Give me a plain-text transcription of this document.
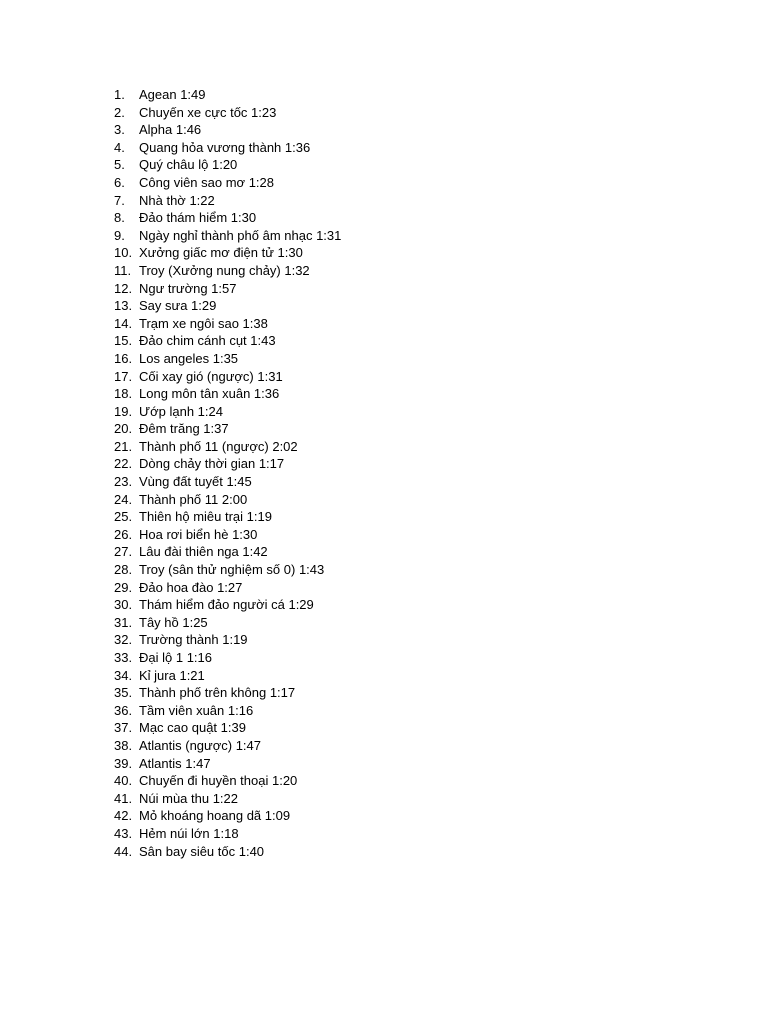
1.	Agean 1:49
2.	Chuyến xe cực tốc 1:23
3.	Alpha 1:46
4.	Quang hỏa vương thành 1:36
5.	Quý châu lộ 1:20
6.	Công viên sao mơ 1:28
7.	Nhà thờ 1:22
8.	Đảo thám hiểm 1:30
9.	Ngày nghỉ thành phố âm nhạc 1:31
10. Xưởng giấc mơ điện tử 1:30
11. Troy (Xưởng nung chảy) 1:32
12. Ngư trường 1:57
13. Say sưa 1:29
14. Trạm xe ngôi sao 1:38
15. Đảo chim cánh cụt 1:43
16. Los angeles 1:35
17. Cối xay gió (ngược) 1:31
18. Long môn tân xuân 1:36
19. Ướp lạnh 1:24
20. Đêm trăng 1:37
21. Thành phố 11 (ngược) 2:02
22. Dòng chảy thời gian 1:17
23. Vùng đất tuyết 1:45
24. Thành phố 11 2:00
25. Thiên hộ miêu trại 1:19
26. Hoa rơi biển hè 1:30
27. Lâu đài thiên nga 1:42
28. Troy (sân thử nghiệm số 0) 1:43
29. Đảo hoa đào 1:27
30. Thám hiểm đảo người cá 1:29
31. Tây hồ 1:25
32. Trường thành 1:19
33. Đại lộ 1 1:16
34. Kỉ jura 1:21
35. Thành phố trên không 1:17
36. Tầm viên xuân 1:16
37. Mạc cao quật 1:39
38. Atlantis (ngược) 1:47
39. Atlantis 1:47
40. Chuyến đi huyền thoại 1:20
41. Núi mùa thu 1:22
42. Mỏ khoáng hoang dã 1:09
43. Hẻm núi lớn 1:18
44. Sân bay siêu tốc 1:40
